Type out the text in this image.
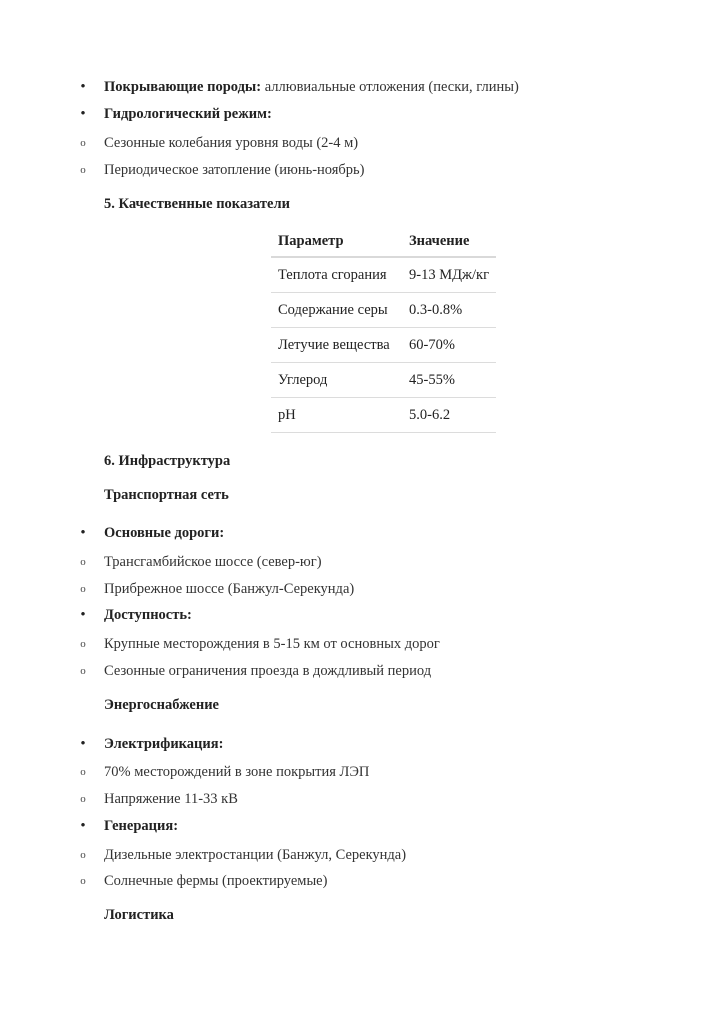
•
Покрывающие породы: аллювиальные отложения (пески, глины)
•
Гидрологический режим:
o
Сезонные колебания уровня воды (2-4 м)
o
Периодическое затопление (июнь-ноябрь)
5. Качественные показатели
Параметр	Значение
Теплота сгорания	9-13 МДж/кг
Содержание серы	0.3-0.8%
Летучие вещества	60-70%
Углерод	45-55%
pH	5.0-6.2
6. Инфраструктура
Транспортная сеть
•
Основные дороги:
o
Трансгамбийское шоссе (север-юг)
o
Прибрежное шоссе (Банжул-Серекунда)
•
Доступность:
o
Крупные месторождения в 5-15 км от основных дорог
o
Сезонные ограничения проезда в дождливый период
Энергоснабжение
•
Электрификация:
o
70% месторождений в зоне покрытия ЛЭП
o
Напряжение 11-33 кВ
•
Генерация:
o
Дизельные электростанции (Банжул, Серекунда)
o
Солнечные фермы (проектируемые)
Логистика
